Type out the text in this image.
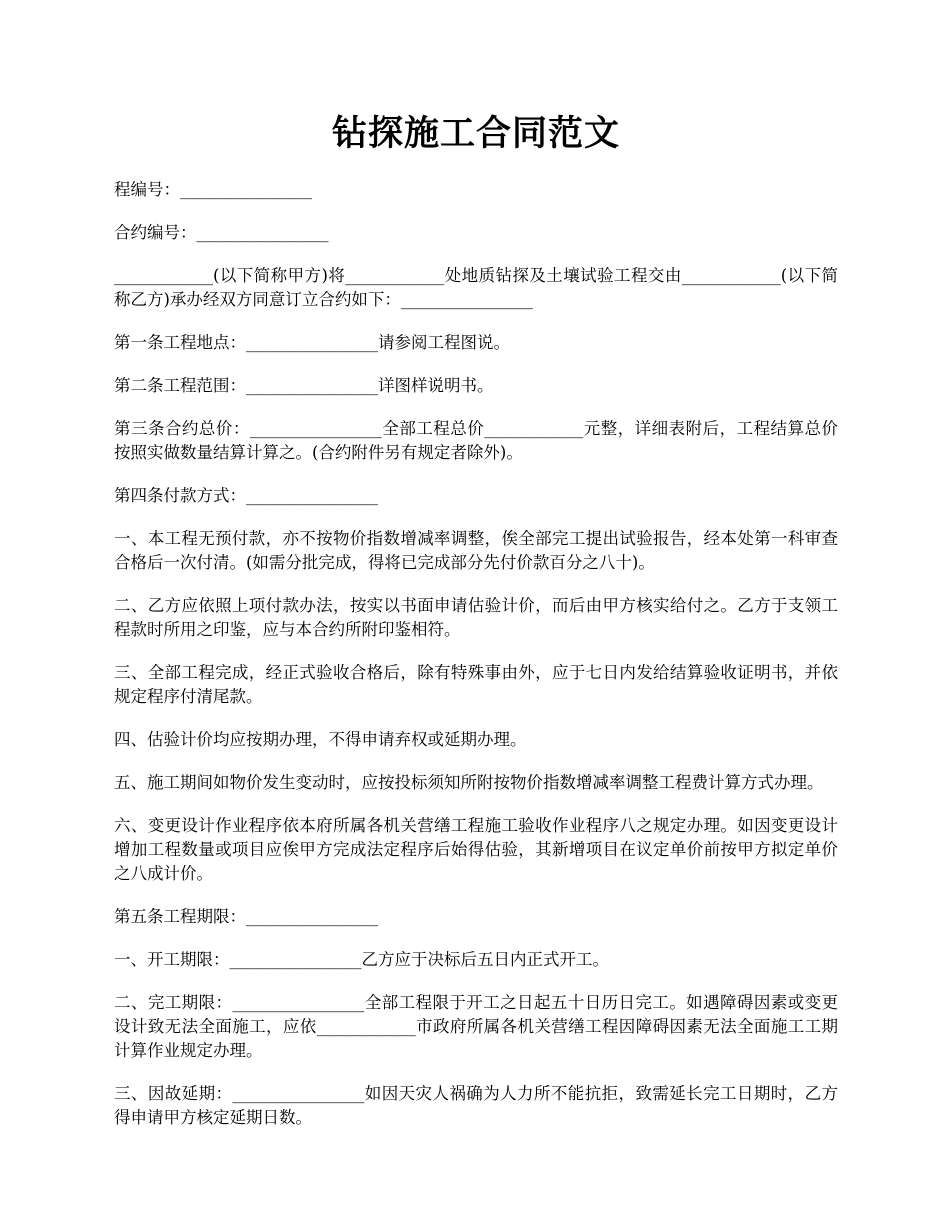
钻探施工合同范文

程编号：________________

合约编号：________________

____________(以下简称甲方)将____________处地质钻探及土壤试验工程交由____________(以下简称乙方)承办经双方同意订立合约如下：________________

第一条工程地点：________________请参阅工程图说。

第二条工程范围：________________详图样说明书。

第三条合约总价：________________全部工程总价____________元整，详细表附后，工程结算总价按照实做数量结算计算之。(合约附件另有规定者除外)。

第四条付款方式：________________

一、本工程无预付款，亦不按物价指数增减率调整，俟全部完工提出试验报告，经本处第一科审查合格后一次付清。(如需分批完成，得将已完成部分先付价款百分之八十)。

二、乙方应依照上项付款办法，按实以书面申请估验计价，而后由甲方核实给付之。乙方于支领工程款时所用之印鉴，应与本合约所附印鉴相符。

三、全部工程完成，经正式验收合格后，除有特殊事由外，应于七日内发给结算验收证明书，并依规定程序付清尾款。

四、估验计价均应按期办理，不得申请弃权或延期办理。

五、施工期间如物价发生变动时，应按投标须知所附按物价指数增减率调整工程费计算方式办理。

六、变更设计作业程序依本府所属各机关营缮工程施工验收作业程序八之规定办理。如因变更设计增加工程数量或项目应俟甲方完成法定程序后始得估验，其新增项目在议定单价前按甲方拟定单价之八成计价。

第五条工程期限：________________

一、开工期限：________________乙方应于决标后五日内正式开工。

二、完工期限：________________全部工程限于开工之日起五十日历日完工。如遇障碍因素或变更设计致无法全面施工，应依____________市政府所属各机关营缮工程因障碍因素无法全面施工工期计算作业规定办理。

三、因故延期：________________如因天灾人祸确为人力所不能抗拒，致需延长完工日期时，乙方得申请甲方核定延期日数。
